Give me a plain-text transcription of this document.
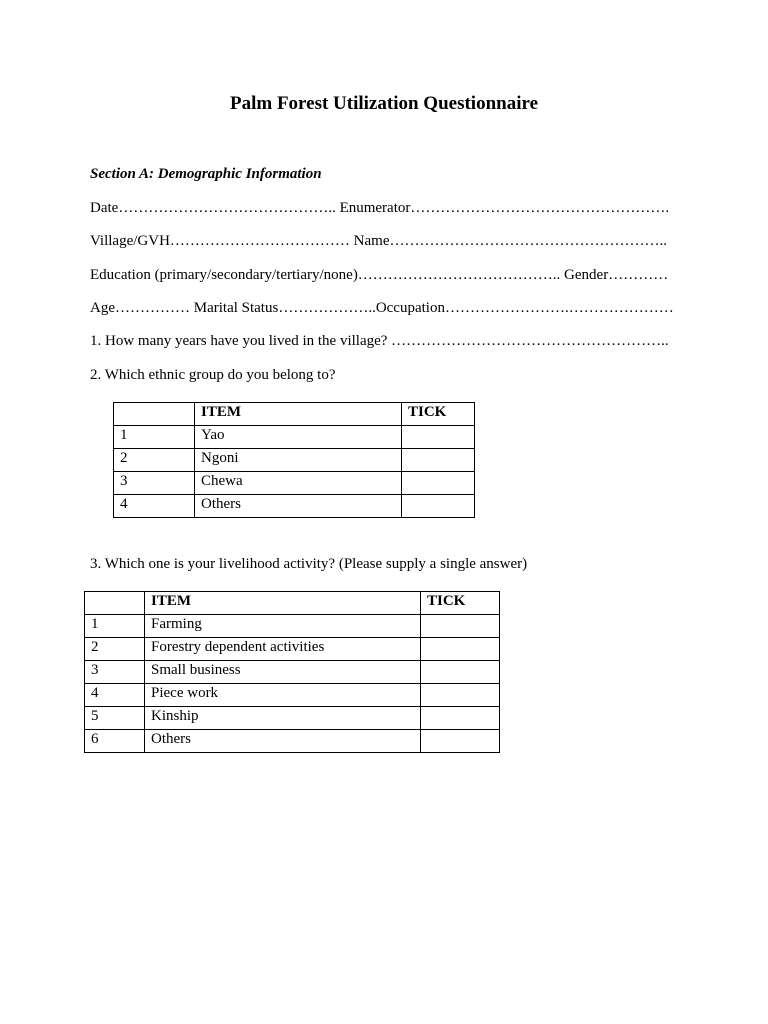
Palm Forest Utilization Questionnaire

Section A: Demographic Information

Date…………………………………….. Enumerator…………………………………………….

Village/GVH……………………………… Name………………………………………………..

Education (primary/secondary/tertiary/none)………………………………….. Gender…………

Age…………… Marital Status………………..Occupation…………………….…………………

1. How many years have you lived in the village? ………………………………………………..

2. Which ethnic group do you belong to?

	ITEM	TICK
1	Yao	
2	Ngoni	
3	Chewa	
4	Others	

3. Which one is your livelihood activity? (Please supply a single answer)

	ITEM	TICK
1	Farming	
2	Forestry dependent activities	
3	Small business	
4	Piece work	
5	Kinship	
6	Others	
